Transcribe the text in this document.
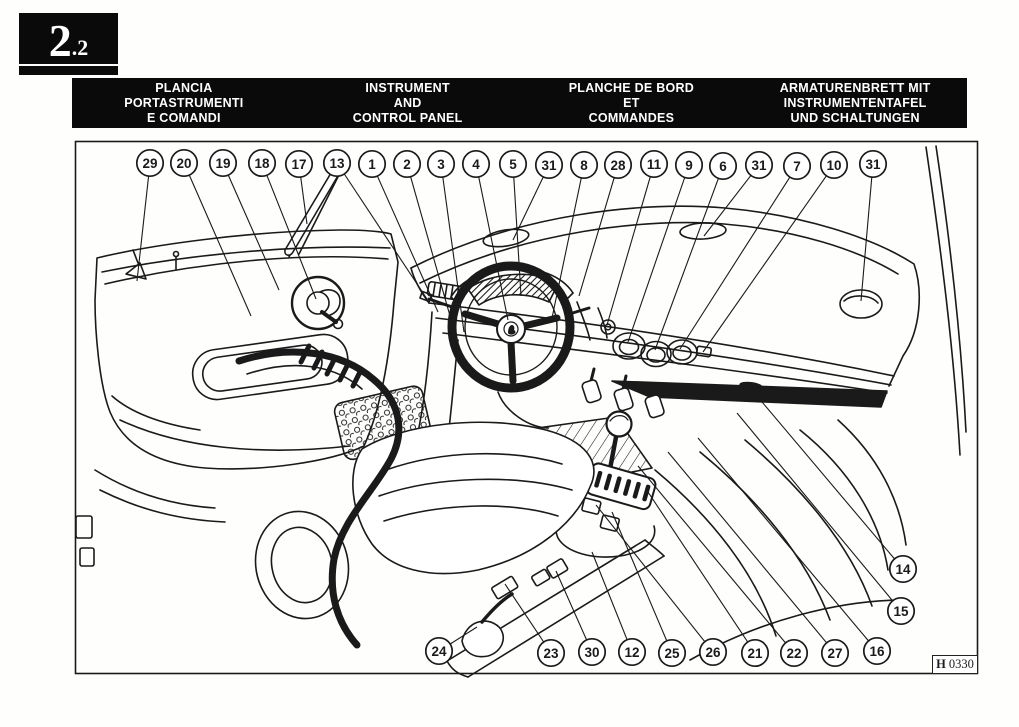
2 .2
PLANCIA
PORTASTRUMENTI
E COMANDI
INSTRUMENT
AND
CONTROL PANEL
PLANCHE DE BORD
ET
COMMANDES
ARMATURENBRETT MIT
INSTRUMENTENTAFEL
UND SCHALTUNGEN
29 20 19 18 17 13 1 2 3 4 5 31 8 28 11 9 6 31 7 10 31
14
15
16
24	23 30 12 25 26 21 22 27
H 0330
